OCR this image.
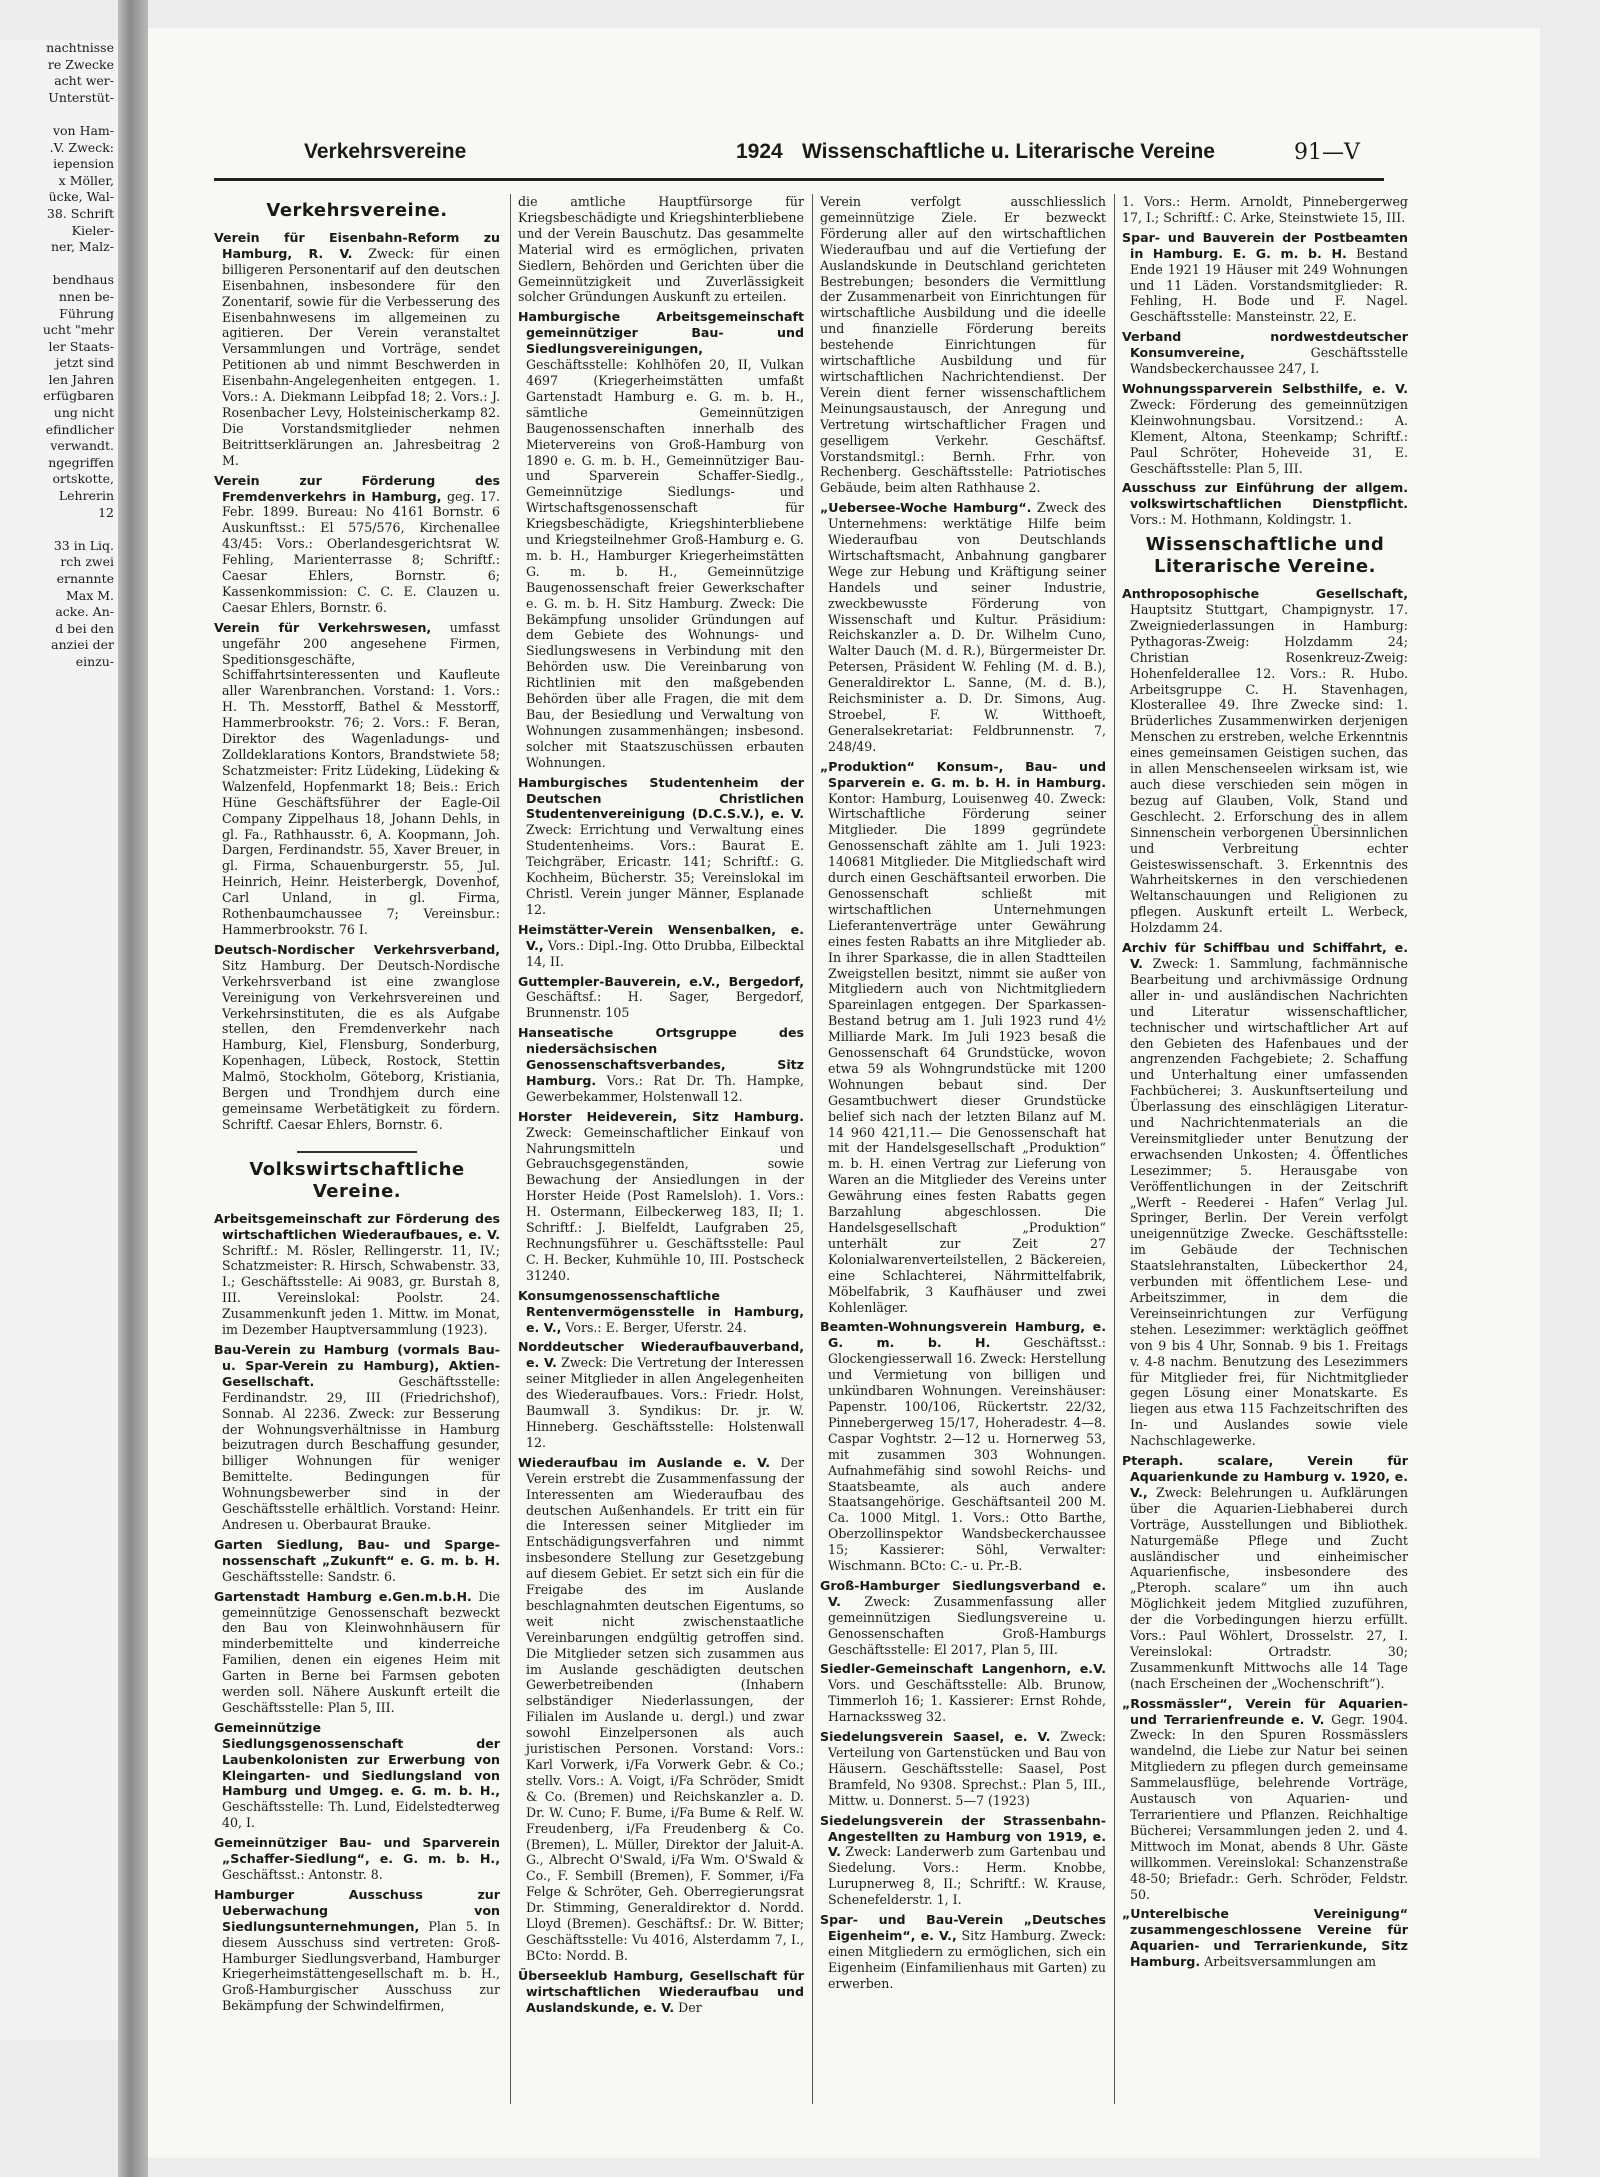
nachtnisse
re Zwecke
acht wer-
Unterstüt-

von Ham-
.V. Zweck:
iepension
x Möller,
ücke, Wal-
38. Schrift
Kieler-
ner, Malz-

bendhaus
nnen be-
Führung
ucht "mehr
ler Staats-
jetzt sind
len Jahren
erfügbaren
ung nicht
efindlicher
verwandt.
ngegriffen
ortskotte,
Lehrerin
12

33 in Liq.
rch zwei
ernannte
Max M.
acke. An-
d bei den
anziei der
einzu-
Verkehrsvereine	1924 Wissenschaftliche u. Literarische Vereine	91—V
Verkehrsvereine.
Verein für Eisenbahn-Reform zu Hamburg, R. V. Zweck: für einen billigeren Personentarif auf den deutschen Eisenbahnen, insbesondere für den Zonentarif, sowie für die Verbesserung des Eisenbahnwesens im allgemeinen zu agitieren. Der Verein veranstaltet Versammlungen und Vorträge, sendet Petitionen ab und nimmt Beschwerden in Eisenbahn-Angelegenheiten entgegen. 1. Vors.: A. Diekmann Leibpfad 18; 2. Vors.: J. Rosenbacher Levy, Holsteinischerkamp 82. Die Vorstandsmitglieder nehmen Beitrittserklärungen an. Jahresbeitrag 2 M.
Verein zur Förderung des Fremdenverkehrs in Hamburg, geg. 17. Febr. 1899. Bureau: No 4161 Bornstr. 6 Auskunftsst.: El 575/576, Kirchenallee 43/45: Vors.: Oberlandesgerichtsrat W. Fehling, Marienterrasse 8; Schriftf.: Caesar Ehlers, Bornstr. 6; Kassenkommission: C. C. E. Clauzen u. Caesar Ehlers, Bornstr. 6.
Verein für Verkehrswesen, umfasst ungefähr 200 angesehene Firmen, Speditionsgeschäfte, Schiffahrtsinteressenten und Kaufleute aller Warenbranchen. Vorstand: 1. Vors.: H. Th. Messtorff, Bathel & Messtorff, Hammerbrookstr. 76; 2. Vors.: F. Beran, Direktor des Wagenladungs- und Zolldeklarations Kontors, Brandstwiete 58; Schatzmeister: Fritz Lüdeking, Lüdeking & Walzenfeld, Hopfenmarkt 18; Beis.: Erich Hüne Geschäftsführer der Eagle-Oil Company Zippelhaus 18, Johann Dehls, in gl. Fa., Rathhausstr. 6, A. Koopmann, Joh. Dargen, Ferdinandstr. 55, Xaver Breuer, in gl. Firma, Schauenburgerstr. 55, Jul. Heinrich, Heinr. Heisterbergk, Dovenhof, Carl Unland, in gl. Firma, Rothenbaumchaussee 7; Vereinsbur.: Hammerbrookstr. 76 I.
Deutsch-Nordischer Verkehrsverband, Sitz Hamburg. Der Deutsch-Nordische Verkehrsverband ist eine zwanglose Vereinigung von Verkehrsvereinen und Verkehrsinstituten, die es als Aufgabe stellen, den Fremdenverkehr nach Hamburg, Kiel, Flensburg, Sonderburg, Kopenhagen, Lübeck, Rostock, Stettin Malmö, Stockholm, Göteborg, Kristiania, Bergen und Trondhjem durch eine gemeinsame Werbetätigkeit zu fördern. Schriftf. Caesar Ehlers, Bornstr. 6.
Volkswirtschaftliche Vereine.
Arbeitsgemeinschaft zur Förderung des wirtschaftlichen Wiederaufbaues, e. V. Schriftf.: M. Rösler, Rellingerstr. 11, IV.; Schatzmeister: R. Hirsch, Schwabenstr. 33, I.; Geschäftsstelle: Ai 9083, gr. Burstah 8, III. Vereinslokal: Poolstr. 24. Zusammenkunft jeden 1. Mittw. im Monat, im Dezember Hauptversammlung (1923).
Bau-Verein zu Hamburg (vormals Bau- u. Spar-Verein zu Hamburg), Aktien-Gesellschaft.	Geschäftsstelle: Ferdinandstr. 29, III (Friedrichshof), Sonnab. Al 2236. Zweck: zur Besserung der Wohnungsverhältnisse in Hamburg beizutragen durch Beschaffung gesunder, billiger Wohnungen für weniger Bemittelte. Bedingungen für Wohnungsbewerber sind in der Geschäftsstelle erhältlich. Vorstand: Heinr. Andresen u. Oberbaurat Brauke.
Garten Siedlung, Bau- und Sparge-nossenschaft „Zukunft“ e. G. m. b. H. Geschäftsstelle: Sandstr. 6.
Gartenstadt Hamburg e.Gen.m.b.H. Die gemeinnützige Genossenschaft bezweckt den Bau von Kleinwohnhäusern für minderbemittelte und kinderreiche Familien, denen ein eigenes Heim mit Garten in Berne bei Farmsen geboten werden soll. Nähere Auskunft erteilt die Geschäftsstelle: Plan 5, III.
Gemeinnützige Siedlungsgenossenschaft der Laubenkolonisten zur Erwerbung von Kleingarten- und Siedlungsland von Hamburg und Umgeg. e. G. m. b. H., Geschäftsstelle: Th. Lund, Eidelstedterweg 40, I.
Gemeinnütziger Bau- und Sparverein „Schaffer-Siedlung“, e. G. m. b. H., Geschäftsst.: Antonstr. 8.
Hamburger Ausschuss zur Ueberwachung von Siedlungsunternehmungen, Plan 5. In diesem Ausschuss sind vertreten: Groß-Hamburger Siedlungsverband, Hamburger Kriegerheimstättengesellschaft m. b. H., Groß-Hamburgischer Ausschuss zur Bekämpfung der Schwindelfirmen,
die amtliche Hauptfürsorge für Kriegsbeschädigte und Kriegshinterbliebene und der Verein Bauschutz. Das gesammelte Material wird es ermöglichen, privaten Siedlern, Behörden und Gerichten über die Gemeinnützigkeit und Zuverlässigkeit solcher Gründungen Auskunft zu erteilen.
Hamburgische Arbeitsgemeinschaft gemeinnütziger Bau- und Siedlungsvereinigungen, Geschäftsstelle: Kohlhöfen 20, II, Vulkan 4697 (Kriegerheimstätten umfaßt Gartenstadt Hamburg e. G. m. b. H., sämtliche Gemeinnützigen Baugenossenschaften innerhalb des Mietervereins von Groß-Hamburg von 1890 e. G. m. b. H., Gemeinnütziger Bau- und Sparverein Schaffer-Siedlg., Gemeinnützige Siedlungs- und Wirtschaftsgenossenschaft für Kriegsbeschädigte, Kriegshinterbliebene und Kriegsteilnehmer Groß-Hamburg e. G. m. b. H., Hamburger Kriegerheimstätten G. m. b. H., Gemeinnützige Baugenossenschaft freier Gewerkschafter e. G. m. b. H. Sitz Hamburg. Zweck: Die Bekämpfung unsolider Gründungen auf dem Gebiete des Wohnungs- und Siedlungswesens in Verbindung mit den Behörden usw. Die Vereinbarung von Richtlinien mit den maßgebenden Behörden über alle Fragen, die mit dem Bau, der Besiedlung und Verwaltung von Wohnungen zusammenhängen; insbesond. solcher mit Staatszuschüssen erbauten Wohnungen.
Hamburgisches Studentenheim der Deutschen Christlichen Studentenvereinigung (D.C.S.V.), e. V. Zweck: Errichtung und Verwaltung eines Studentenheims. Vors.: Baurat E. Teichgräber, Ericastr. 141; Schriftf.: G. Kochheim, Bücherstr. 35; Vereinslokal im Christl. Verein junger Männer, Esplanade 12.
Heimstätter-Verein Wensenbalken, e. V., Vors.: Dipl.-Ing. Otto Drubba, Eilbecktal 14, II.
Guttempler-Bauverein, e.V., Bergedorf, Geschäftsf.: H. Sager, Bergedorf, Brunnenstr. 105
Hanseatische Ortsgruppe des niedersächsischen Genossenschaftsverbandes, Sitz Hamburg. Vors.: Rat Dr. Th. Hampke, Gewerbekammer, Holstenwall 12.
Horster Heideverein, Sitz Hamburg. Zweck: Gemeinschaftlicher Einkauf von Nahrungsmitteln und Gebrauchsgegenständen, sowie Bewachung der Ansiedlungen in der Horster Heide (Post Ramelsloh). 1. Vors.: H. Ostermann, Eilbeckerweg 183, II; 1. Schriftf.: J. Bielfeldt, Laufgraben 25, Rechnungsführer u. Geschäftsstelle: Paul C. H. Becker, Kuhmühle 10, III. Postscheck 31240.
Konsumgenossenschaftliche Rentenvermögensstelle in Hamburg, e. V., Vors.: E. Berger, Uferstr. 24.
Norddeutscher Wiederaufbauverband, e. V. Zweck: Die Vertretung der Interessen seiner Mitglieder in allen Angelegenheiten des Wiederaufbaues. Vors.: Friedr. Holst, Baumwall 3. Syndikus: Dr. jr. W. Hinneberg. Geschäftsstelle: Holstenwall 12.
Wiederaufbau im Auslande e. V. Der Verein erstrebt die Zusammenfassung der Interessenten am Wiederaufbau des deutschen Außenhandels. Er tritt ein für die Interessen seiner Mitglieder im Entschädigungsverfahren und nimmt insbesondere Stellung zur Gesetzgebung auf diesem Gebiet. Er setzt sich ein für die Freigabe des im Auslande beschlagnahmten deutschen Eigentums, so weit nicht zwischenstaatliche Vereinbarungen endgültig getroffen sind. Die Mitglieder setzen sich zusammen aus im Auslande geschädigten deutschen Gewerbetreibenden (Inhabern selbständiger Niederlassungen, der Filialen im Auslande u. dergl.) und zwar sowohl Einzelpersonen als auch juristischen Personen. Vorstand: Vors.: Karl Vorwerk, i/Fa Vorwerk Gebr. & Co.; stellv. Vors.: A. Voigt, i/Fa Schröder, Smidt & Co. (Bremen) und Reichskanzler a. D. Dr. W. Cuno; F. Bume, i/Fa Bume & Relf. W. Freudenberg, i/Fa Freudenberg & Co. (Bremen), L. Müller, Direktor der Jaluit-A. G., Albrecht O'Swald, i/Fa Wm. O'Swald & Co., F. Sembill (Bremen), F. Sommer, i/Fa Felge & Schröter, Geh. Oberregierungsrat Dr. Stimming, Generaldirektor d. Nordd. Lloyd (Bremen). Geschäftsf.: Dr. W. Bitter; Geschäftsstelle: Vu 4016, Alsterdamm 7, I., BCto: Nordd. B.
Überseeklub Hamburg, Gesellschaft für wirtschaftlichen Wiederaufbau und Auslandskunde, e. V. Der
Verein verfolgt ausschliesslich gemeinnützige Ziele. Er bezweckt Förderung aller auf den wirtschaftlichen Wiederaufbau und auf die Vertiefung der Auslandskunde in Deutschland gerichteten Bestrebungen; besonders die Vermittlung der Zusammenarbeit von Einrichtungen für wirtschaftliche Ausbildung und die ideelle und finanzielle Förderung bereits bestehende Einrichtungen für wirtschaftliche Ausbildung und für wirtschaftlichen Nachrichtendienst. Der Verein dient ferner wissenschaftlichem Meinungsaustausch, der Anregung und Vertretung wirtschaftlicher Fragen und geselligem Verkehr. Geschäftsf. Vorstandsmitgl.: Bernh. Frhr. von Rechenberg. Geschäftsstelle: Patriotisches Gebäude, beim alten Rathhause 2.
„Uebersee-Woche Hamburg“. Zweck des Unternehmens: werktätige Hilfe beim Wiederaufbau von Deutschlands Wirtschaftsmacht, Anbahnung gangbarer Wege zur Hebung und Kräftigung seiner Handels und seiner Industrie, zweckbewusste Förderung von Wissenschaft und Kultur. Präsidium: Reichskanzler a. D. Dr. Wilhelm Cuno, Walter Dauch (M. d. R.), Bürgermeister Dr. Petersen, Präsident W. Fehling (M. d. B.), Generaldirektor L. Sanne, (M. d. B.), Reichsminister a. D. Dr. Simons, Aug. Stroebel, F. W. Witthoeft, Generalsekretariat: Feldbrunnenstr. 7, 248/49.
„Produktion“ Konsum-, Bau- und Sparverein e. G. m. b. H. in Hamburg. Kontor: Hamburg, Louisenweg 40. Zweck: Wirtschaftliche Förderung seiner Mitglieder. Die 1899 gegründete Genossenschaft zählte am 1. Juli 1923: 140681 Mitglieder. Die Mitgliedschaft wird durch einen Geschäftsanteil erworben. Die Genossenschaft schließt mit wirtschaftlichen Unternehmungen Lieferantenverträge unter Gewährung eines festen Rabatts an ihre Mitglieder ab. In ihrer Sparkasse, die in allen Stadtteilen Zweigstellen besitzt, nimmt sie außer von Mitgliedern auch von Nichtmitgliedern Spareinlagen entgegen. Der Sparkassen-Bestand betrug am 1. Juli 1923 rund 4½ Milliarde Mark. Im Juli 1923 besaß die Genossenschaft 64 Grundstücke, wovon etwa 59 als Wohngrundstücke mit 1200 Wohnungen bebaut sind. Der Gesamtbuchwert dieser Grundstücke belief sich nach der letzten Bilanz auf M. 14 960 421,11.— Die Genossenschaft hat mit der Handelsgesellschaft „Produktion“ m. b. H. einen Vertrag zur Lieferung von Waren an die Mitglieder des Vereins unter Gewährung eines festen Rabatts gegen Barzahlung abgeschlossen. Die Handelsgesellschaft „Produktion“ unterhält zur Zeit 27 Kolonialwarenverteilstellen, 2 Bäckereien, eine Schlachterei, Nährmittelfabrik, Möbelfabrik, 3 Kaufhäuser und zwei Kohlenläger.
Beamten-Wohnungsverein Hamburg, e. G. m. b. H.	Geschäftsst.: Glockengiesserwall 16. Zweck: Herstellung und Vermietung von billigen und unkündbaren Wohnungen. Vereinshäuser: Papenstr. 100/106, Rückertstr. 22/32, Pinnebergerweg 15/17, Hoheradestr. 4—8. Caspar Voghtstr. 2—12 u. Hornerweg 53, mit zusammen 303 Wohnungen. Aufnahmefähig sind sowohl Reichs- und Staatsbeamte, als auch andere Staatsangehörige. Geschäftsanteil 200 M. Ca. 1000 Mitgl. 1. Vors.: Otto Barthe, Oberzollinspektor Wandsbeckerchaussee 15; Kassierer: Söhl, Verwalter: Wischmann. BCto: C.- u. Pr.-B.
Groß-Hamburger Siedlungsverband e. V. Zweck: Zusammenfassung aller gemeinnützigen Siedlungsvereine u. Genossenschaften Groß-Hamburgs Geschäftsstelle: El 2017, Plan 5, III.
Siedler-Gemeinschaft Langenhorn, e.V. Vors. und Geschäftsstelle: Alb. Brunow, Timmerloh 16; 1. Kassierer: Ernst Rohde, Harnackssweg 32.
Siedelungsverein Saasel, e. V. Zweck: Verteilung von Gartenstücken und Bau von Häusern. Geschäftsstelle: Saasel, Post Bramfeld, No 9308. Sprechst.: Plan 5, III., Mittw. u. Donnerst. 5—7 (1923)
Siedelungsverein der Strassenbahn-Angestellten zu Hamburg von 1919, e. V. Zweck: Landerwerb zum Gartenbau und Siedelung. Vors.: Herm. Knobbe, Lurupnerweg 8, II.; Schriftf.: W. Krause, Schenefelderstr. 1, I.
Spar- und Bau-Verein „Deutsches Eigenheim“, e. V., Sitz Hamburg. Zweck: einen Mitgliedern zu ermöglichen, sich ein Eigenheim (Einfamilienhaus mit Garten) zu erwerben.
1. Vors.: Herm. Arnoldt, Pinnebergerweg 17, I.; Schriftf.: C. Arke, Steinstwiete 15, III.
Spar- und Bauverein der Postbeamten in Hamburg. E. G. m. b. H. Bestand Ende 1921 19 Häuser mit 249 Wohnungen und 11 Läden. Vorstandsmitglieder: R. Fehling, H. Bode und F. Nagel. Geschäftsstelle: Mansteinstr. 22, E.
Verband nordwestdeutscher Konsumvereine,	Geschäftsstelle Wandsbeckerchaussee 247, I.
Wohnungssparverein Selbsthilfe, e. V. Zweck: Förderung des gemeinnützigen Kleinwohnungsbau. Vorsitzend.: A. Klement, Altona, Steenkamp; Schriftf.: Paul Schröter, Hoheveide 31, E. Geschäftsstelle: Plan 5, III.
Ausschuss zur Einführung der allgem. volkswirtschaftlichen Dienstpflicht. Vors.: M. Hothmann, Koldingstr. 1.
Wissenschaftliche und Literarische Vereine.
Anthroposophische Gesellschaft, Hauptsitz Stuttgart, Champignystr. 17. Zweigniederlassungen in Hamburg: Pythagoras-Zweig: Holzdamm 24; Christian Rosenkreuz-Zweig: Hohenfelderallee 12. Vors.: R. Hubo. Arbeitsgruppe C. H. Stavenhagen, Klosterallee 49. Ihre Zwecke sind: 1. Brüderliches Zusammenwirken derjenigen Menschen zu erstreben, welche Erkenntnis eines gemeinsamen Geistigen suchen, das in allen Menschenseelen wirksam ist, wie auch diese verschieden sein mögen in bezug auf Glauben, Volk, Stand und Geschlecht. 2. Erforschung des in allem Sinnenschein verborgenen Übersinnlichen und Verbreitung echter Geisteswissenschaft. 3. Erkenntnis des Wahrheitskernes in den verschiedenen Weltanschauungen und Religionen zu pflegen. Auskunft erteilt L. Werbeck, Holzdamm 24.
Archiv für Schiffbau und Schiffahrt, e. V. Zweck: 1. Sammlung, fachmännische Bearbeitung und archivmässige Ordnung aller in- und ausländischen Nachrichten und Literatur wissenschaftlicher, technischer und wirtschaftlicher Art auf den Gebieten des Hafenbaues und der angrenzenden Fachgebiete; 2. Schaffung und Unterhaltung einer umfassenden Fachbücherei; 3. Auskunftserteilung und Überlassung des einschlägigen Literatur- und Nachrichtenmaterials an die Vereinsmitglieder unter Benutzung der erwachsenden Unkosten; 4. Öffentliches Lesezimmer; 5. Herausgabe von Veröffentlichungen in der Zeitschrift „Werft - Reederei - Hafen“ Verlag Jul. Springer, Berlin. Der Verein verfolgt uneigennützige Zwecke. Geschäftsstelle: im Gebäude der Technischen Staatslehranstalten, Lübeckerthor 24, verbunden mit öffentlichem Lese- und Arbeitszimmer, in dem die Vereinseinrichtungen zur Verfügung stehen. Lesezimmer: werktäglich geöffnet von 9 bis 4 Uhr, Sonnab. 9 bis 1. Freitags v. 4-8 nachm. Benutzung des Lesezimmers für Mitglieder frei, für Nichtmitglieder gegen Lösung einer Monatskarte. Es liegen aus etwa 115 Fachzeitschriften des In- und Auslandes sowie viele Nachschlagewerke.
Pteraph. scalare, Verein für Aquarienkunde zu Hamburg v. 1920, e. V., Zweck: Belehrungen u. Aufklärungen über die Aquarien-Liebhaberei durch Vorträge, Ausstellungen und Bibliothek. Naturgemäße Pflege und Zucht ausländischer und einheimischer Aquarienfische, insbesondere des „Pteroph. scalare“ um ihn auch Möglichkeit jedem Mitglied zuzuführen, der die Vorbedingungen hierzu erfüllt. Vors.: Paul Wöhlert, Drosselstr. 27, I. Vereinslokal: Ortradstr. 30; Zusammenkunft Mittwochs alle 14 Tage (nach Erscheinen der „Wochenschrift“).
„Rossmässler“, Verein für Aquarien- und Terrarienfreunde e. V. Gegr. 1904. Zweck: In den Spuren Rossmässlers wandelnd, die Liebe zur Natur bei seinen Mitgliedern zu pflegen durch gemeinsame Sammelausflüge, belehrende Vorträge, Austausch von Aquarien- und Terrarientiere und Pflanzen. Reichhaltige Bücherei; Versammlungen jeden 2. und 4. Mittwoch im Monat, abends 8 Uhr. Gäste willkommen. Vereinslokal: Schanzenstraße 48-50; Briefadr.: Gerh. Schröder, Feldstr. 50.
„Unterelbische Vereinigung“ zusammengeschlossene Vereine für Aquarien- und Terrarienkunde, Sitz Hamburg. Arbeitsversammlungen am
